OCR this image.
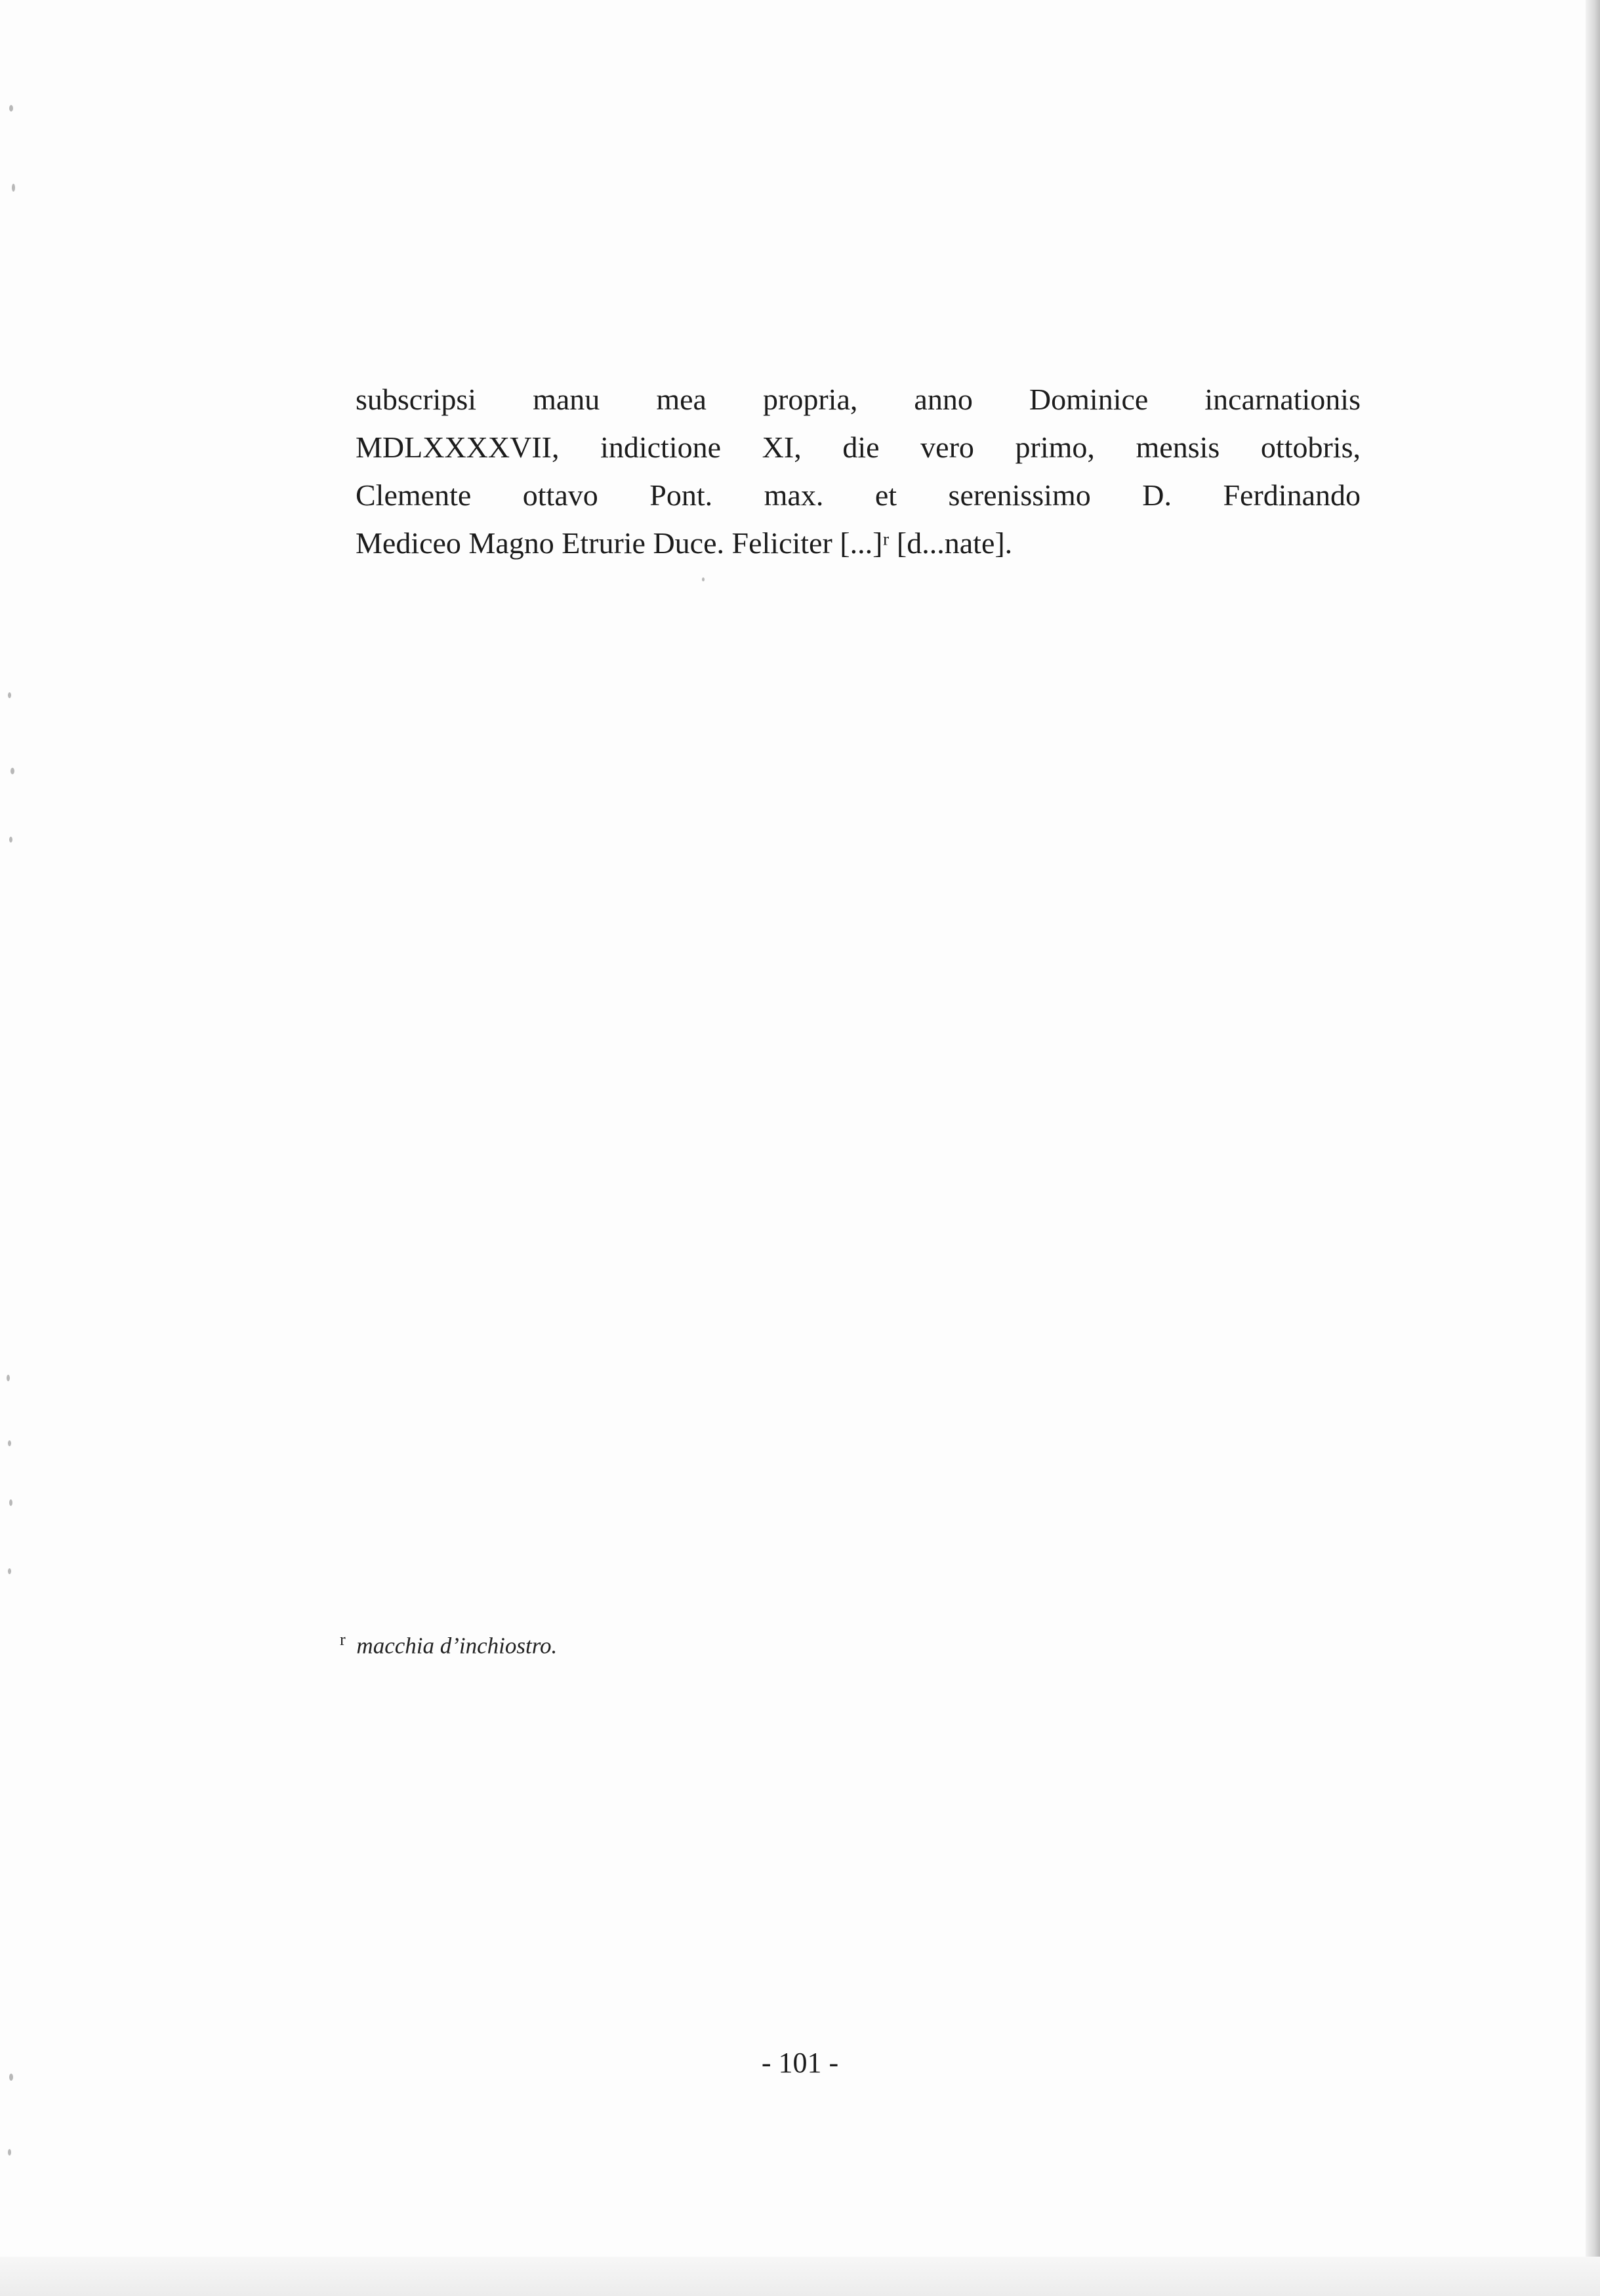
subscripsi manu mea propria, anno Dominice incarnationis
MDLXXXXVII, indictione XI, die vero primo, mensis ottobris,
Clemente ottavo Pont. max. et serenissimo D. Ferdinando
Mediceo Magno Etrurie Duce. Feliciter [...]ʳ [d...nate].
$^r$ macchia d’inchiostro.
- 101 -
